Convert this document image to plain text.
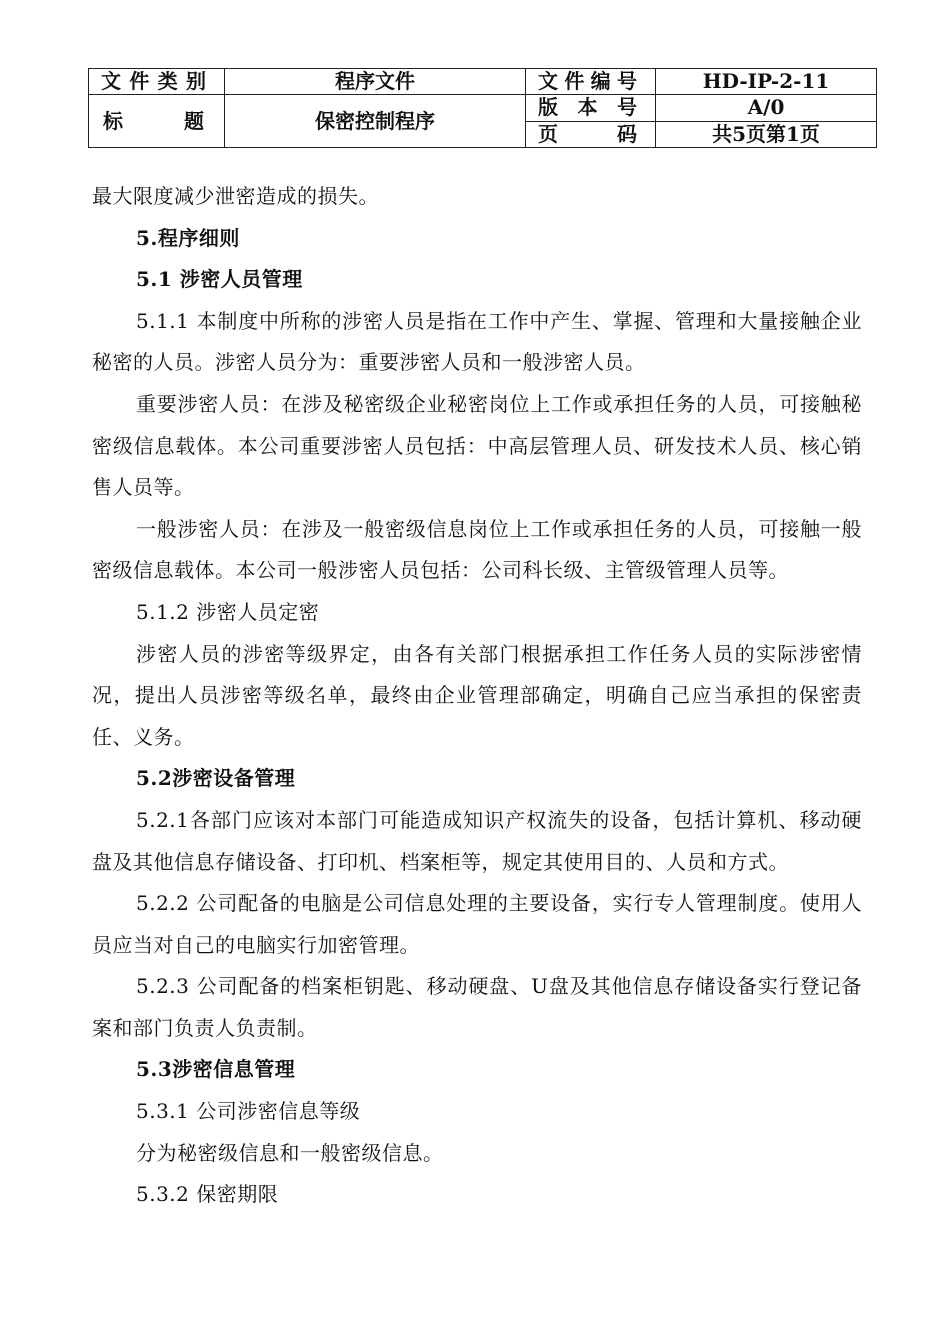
文件类别	程序文件	文件编号	HD-IP-2-11
标题	保密控制程序	版本号	A/0
		页码	共5页第1页

最大限度减少泄密造成的损失。

5.程序细则

5.1 涉密人员管理

5.1.1 本制度中所称的涉密人员是指在工作中产生、掌握、管理和大量接触企业秘密的人员。涉密人员分为：重要涉密人员和一般涉密人员。

重要涉密人员：在涉及秘密级企业秘密岗位上工作或承担任务的人员，可接触秘密级信息载体。本公司重要涉密人员包括：中高层管理人员、研发技术人员、核心销售人员等。

一般涉密人员：在涉及一般密级信息岗位上工作或承担任务的人员，可接触一般密级信息载体。本公司一般涉密人员包括：公司科长级、主管级管理人员等。

5.1.2 涉密人员定密

涉密人员的涉密等级界定，由各有关部门根据承担工作任务人员的实际涉密情况，提出人员涉密等级名单，最终由企业管理部确定，明确自己应当承担的保密责任、义务。

5.2涉密设备管理

5.2.1各部门应该对本部门可能造成知识产权流失的设备，包括计算机、移动硬盘及其他信息存储设备、打印机、档案柜等，规定其使用目的、人员和方式。

5.2.2 公司配备的电脑是公司信息处理的主要设备，实行专人管理制度。使用人员应当对自己的电脑实行加密管理。

5.2.3 公司配备的档案柜钥匙、移动硬盘、U盘及其他信息存储设备实行登记备案和部门负责人负责制。

5.3涉密信息管理

5.3.1 公司涉密信息等级

分为秘密级信息和一般密级信息。

5.3.2 保密期限
